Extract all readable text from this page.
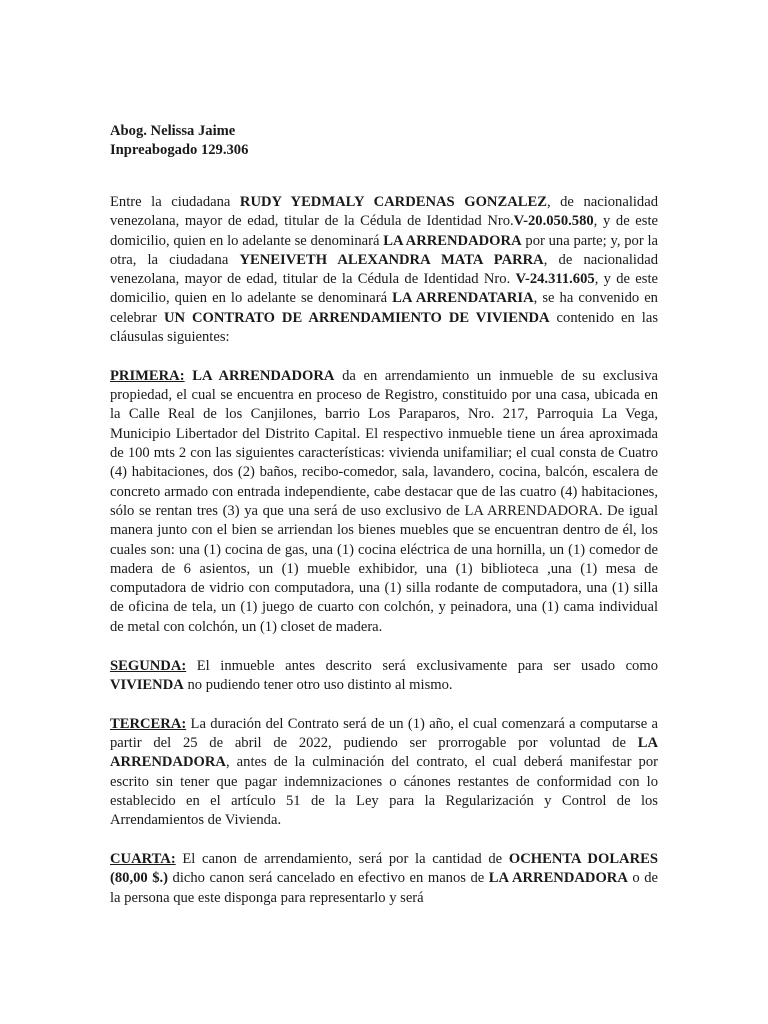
Abog. Nelissa Jaime
Inpreabogado 129.306

Entre la ciudadana RUDY YEDMALY CARDENAS GONZALEZ, de nacionalidad venezolana, mayor de edad, titular de la Cédula de Identidad Nro.V-20.050.580, y de este domicilio, quien en lo adelante se denominará LA ARRENDADORA por una parte; y, por la otra, la ciudadana YENEIVETH ALEXANDRA MATA PARRA, de nacionalidad venezolana, mayor de edad, titular de la Cédula de Identidad Nro. V-24.311.605, y de este domicilio, quien en lo adelante se denominará LA ARRENDATARIA, se ha convenido en celebrar UN CONTRATO DE ARRENDAMIENTO DE VIVIENDA contenido en las cláusulas siguientes:

PRIMERA: LA ARRENDADORA da en arrendamiento un inmueble de su exclusiva propiedad, el cual se encuentra en proceso de Registro, constituido por una casa, ubicada en la Calle Real de los Canjilones, barrio Los Paraparos, Nro. 217, Parroquia La Vega, Municipio Libertador del Distrito Capital. El respectivo inmueble tiene un área aproximada de 100 mts 2 con las siguientes características: vivienda unifamiliar; el cual consta de Cuatro (4) habitaciones, dos (2) baños, recibo-comedor, sala, lavandero, cocina, balcón, escalera de concreto armado con entrada independiente, cabe destacar que de las cuatro (4) habitaciones, sólo se rentan tres (3) ya que una será de uso exclusivo de LA ARRENDADORA. De igual manera junto con el bien se arriendan los bienes muebles que se encuentran dentro de él, los cuales son: una (1) cocina de gas, una (1) cocina eléctrica de una hornilla, un (1) comedor de madera de 6 asientos, un (1) mueble exhibidor, una (1) biblioteca ,una (1) mesa de computadora de vidrio con computadora, una (1) silla rodante de computadora, una (1) silla de oficina de tela, un (1) juego de cuarto con colchón, y peinadora, una (1) cama individual de metal con colchón, un (1) closet de madera.

SEGUNDA: El inmueble antes descrito será exclusivamente para ser usado como VIVIENDA no pudiendo tener otro uso distinto al mismo.

TERCERA: La duración del Contrato será de un (1) año, el cual comenzará a computarse a partir del 25 de abril de 2022, pudiendo ser prorrogable por voluntad de LA ARRENDADORA, antes de la culminación del contrato, el cual deberá manifestar por escrito sin tener que pagar indemnizaciones o cánones restantes de conformidad con lo establecido en el artículo 51 de la Ley para la Regularización y Control de los Arrendamientos de Vivienda.

CUARTA: El canon de arrendamiento, será por la cantidad de OCHENTA DOLARES (80,00 $.) dicho canon será cancelado en efectivo en manos de LA ARRENDADORA o de la persona que este disponga para representarlo y será
